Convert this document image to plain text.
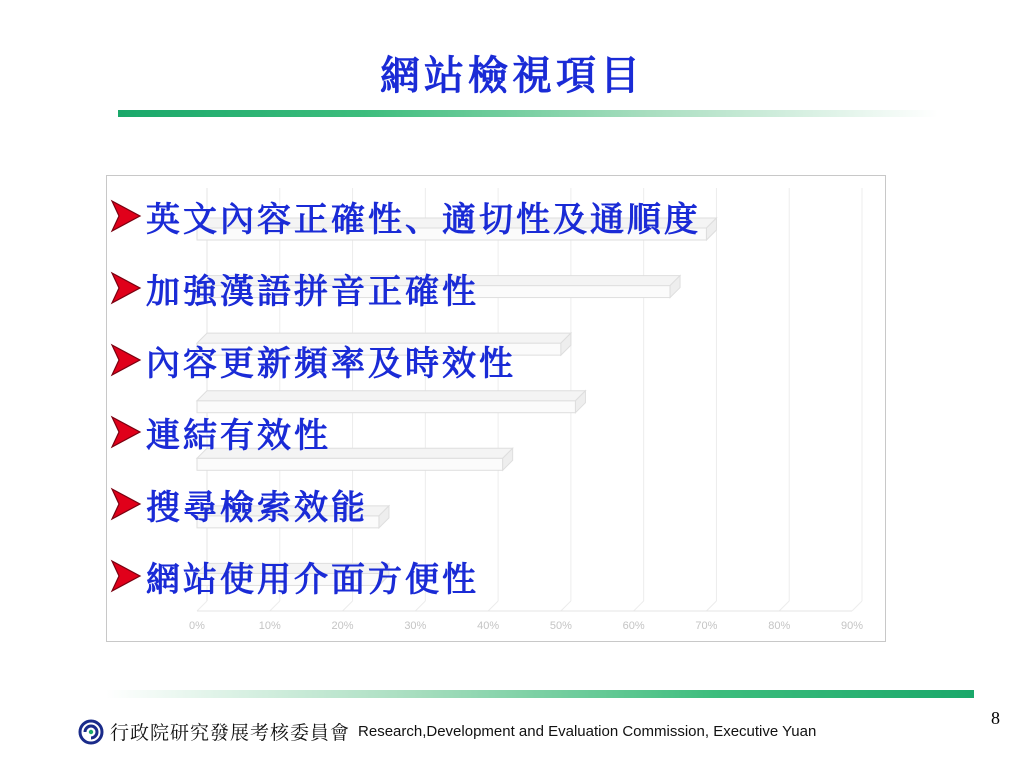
網站檢視項目
0%	10%	20%	30%	40%	50%	60%	70%	80%	90%
英文內容正確性、適切性及通順度
加強漢語拼音正確性
內容更新頻率及時效性
連結有效性
搜尋檢索效能
網站使用介面方便性
8
行政院研究發展考核委員會 Research,Development and Evaluation Commission, Executive Yuan
